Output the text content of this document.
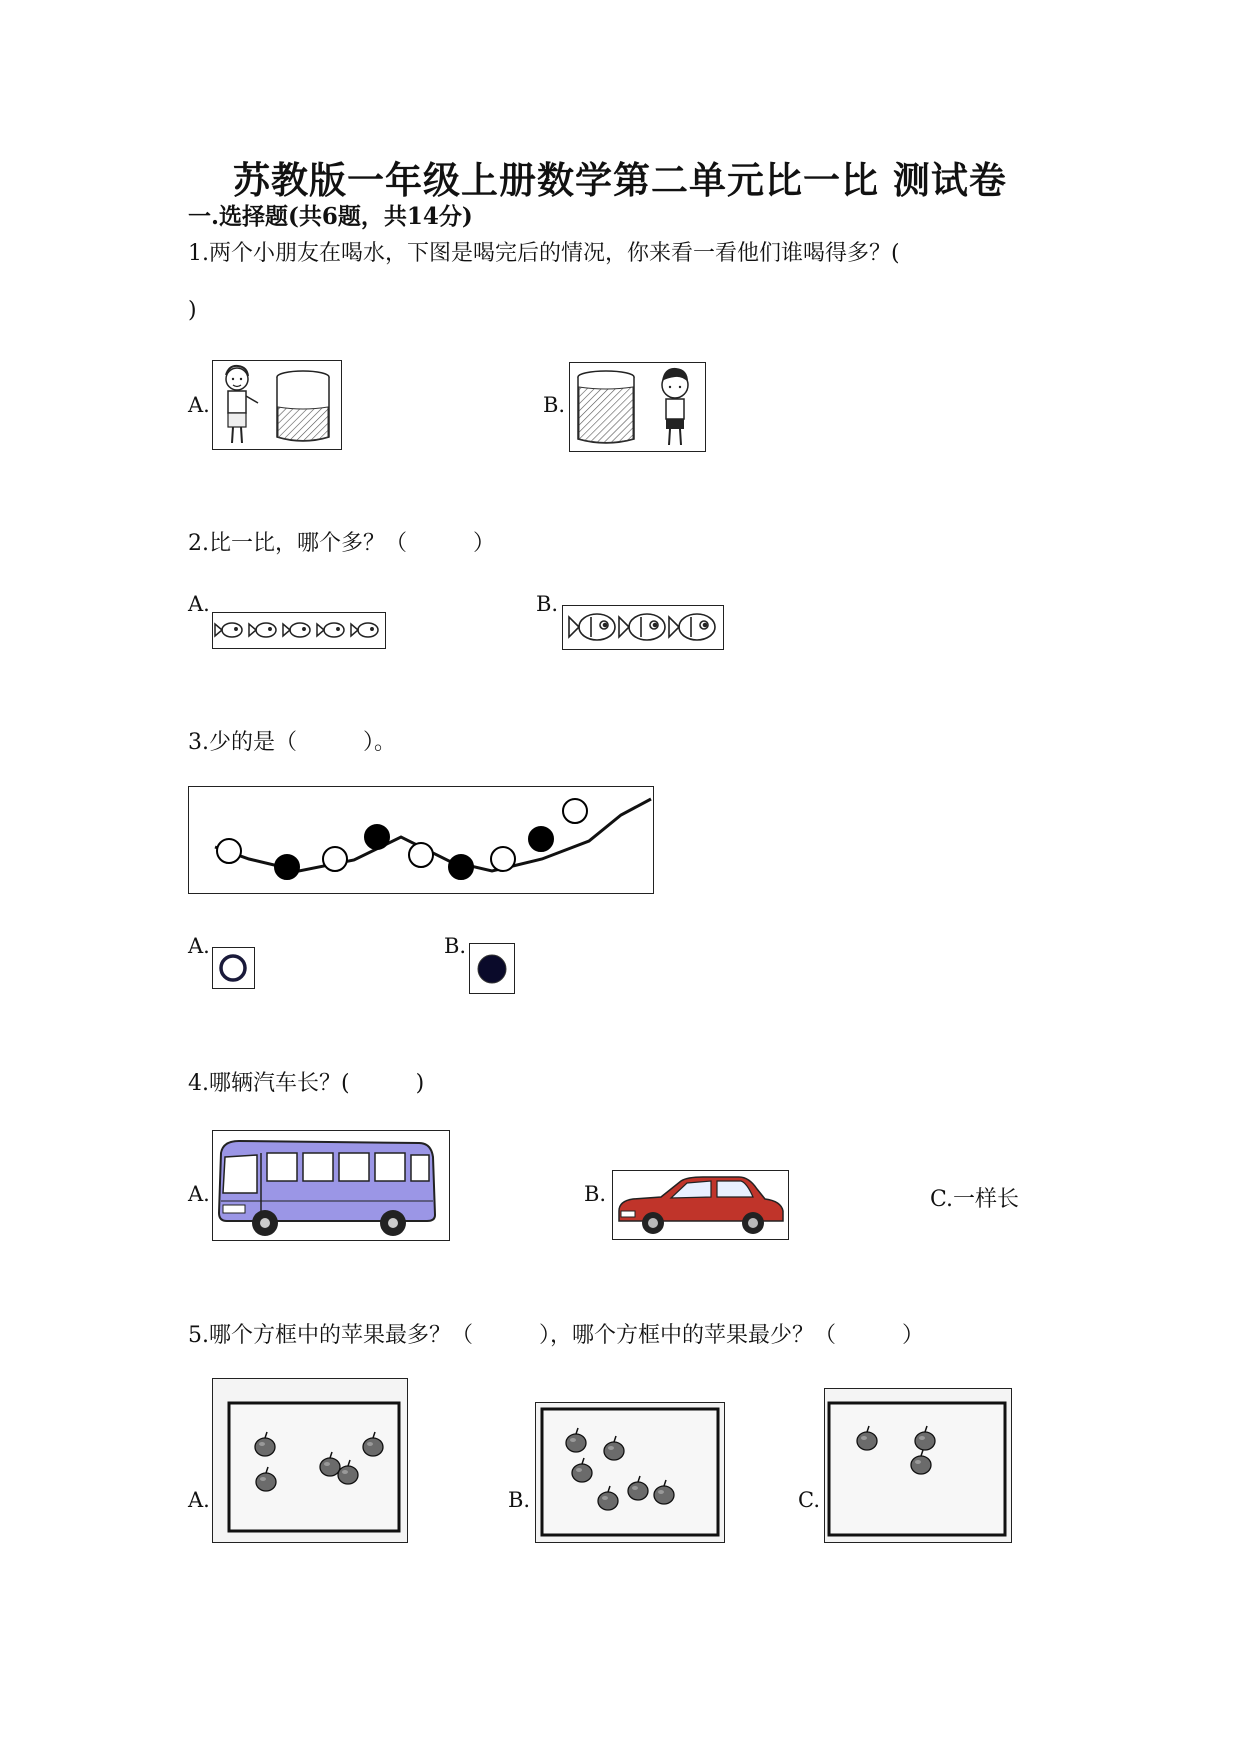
苏教版一年级上册数学第二单元比一比 测试卷
一.选择题(共6题，共14分)
1.两个小朋友在喝水，下图是喝完后的情况，你来看一看他们谁喝得多？(
)
A.	B.
2.比一比，哪个多？（　　　）
A.	B.
3.少的是（　　　）。
A.	B.
4.哪辆汽车长？(　　　)
A.	B.	C.一样长
5.哪个方框中的苹果最多？（　　　），哪个方框中的苹果最少？（　　　）
A.	B.	C.
